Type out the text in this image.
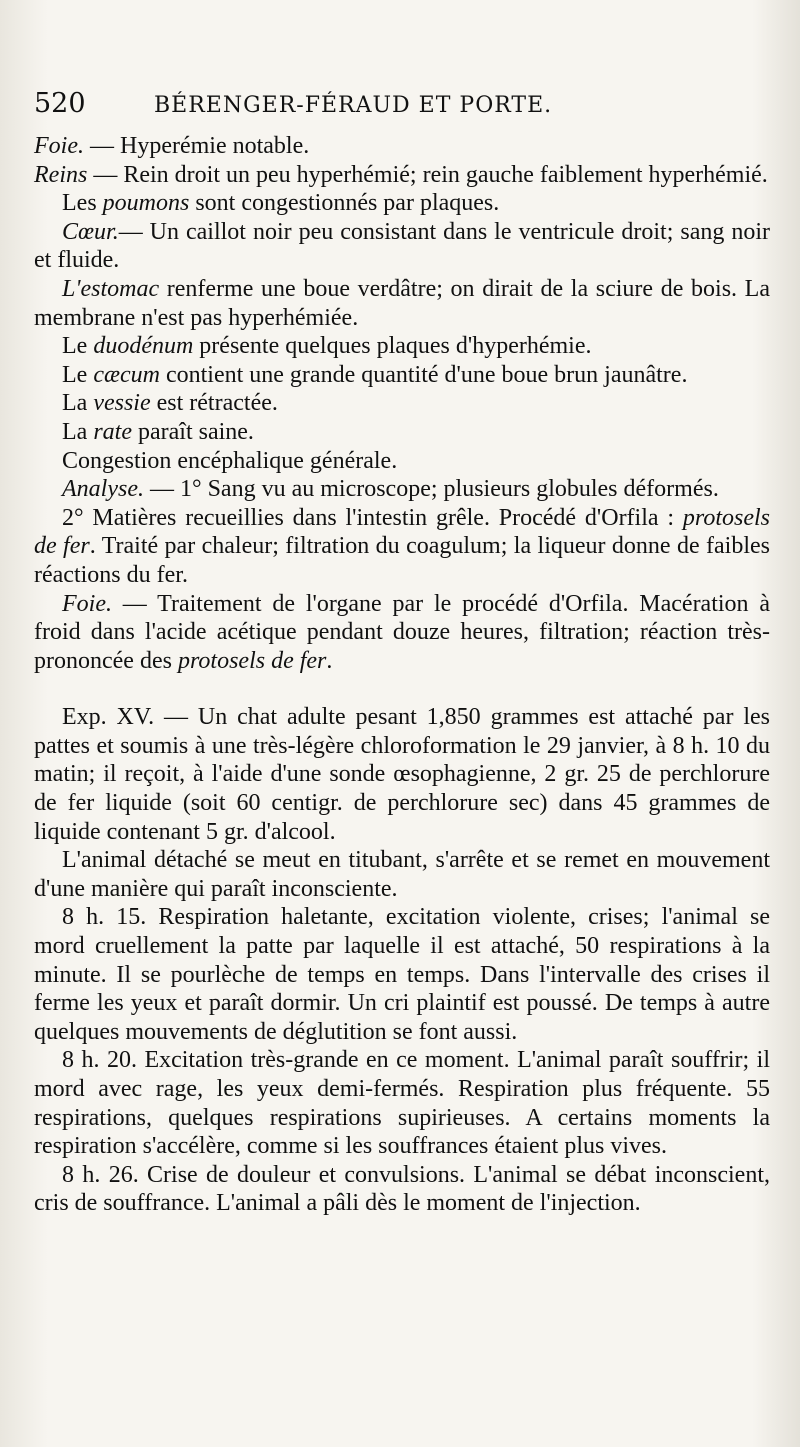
520	BÉRENGER-FÉRAUD ET PORTE.

Foie. — Hyperémie notable.

Reins — Rein droit un peu hyperhémié; rein gauche faiblement hyperhémié.

Les poumons sont congestionnés par plaques.

Cœur.— Un caillot noir peu consistant dans le ventricule droit; sang noir et fluide.

L'estomac renferme une boue verdâtre; on dirait de la sciure de bois. La membrane n'est pas hyperhémiée.

Le duodénum présente quelques plaques d'hyperhémie.

Le cæcum contient une grande quantité d'une boue brun jaunâtre.

La vessie est rétractée.

La rate paraît saine.

Congestion encéphalique générale.

Analyse. — 1° Sang vu au microscope; plusieurs globules déformés.

2° Matières recueillies dans l'intestin grêle. Procédé d'Orfila : protosels de fer. Traité par chaleur; filtration du coagulum; la liqueur donne de faibles réactions du fer.

Foie. — Traitement de l'organe par le procédé d'Orfila. Macération à froid dans l'acide acétique pendant douze heures, filtration; réaction très-prononcée des protosels de fer.

Exp. XV. — Un chat adulte pesant 1,850 grammes est attaché par les pattes et soumis à une très-légère chloroformation le 29 janvier, à 8 h. 10 du matin; il reçoit, à l'aide d'une sonde œsophagienne, 2 gr. 25 de perchlorure de fer liquide (soit 60 centigr. de perchlorure sec) dans 45 grammes de liquide contenant 5 gr. d'alcool.

L'animal détaché se meut en titubant, s'arrête et se remet en mouvement d'une manière qui paraît inconsciente.

8 h. 15. Respiration haletante, excitation violente, crises; l'animal se mord cruellement la patte par laquelle il est attaché, 50 respirations à la minute. Il se pourlèche de temps en temps. Dans l'intervalle des crises il ferme les yeux et paraît dormir. Un cri plaintif est poussé. De temps à autre quelques mouvements de déglutition se font aussi.

8 h. 20. Excitation très-grande en ce moment. L'animal paraît souffrir; il mord avec rage, les yeux demi-fermés. Respiration plus fréquente. 55 respirations, quelques respirations supirieuses. A certains moments la respiration s'accélère, comme si les souffrances étaient plus vives.

8 h. 26. Crise de douleur et convulsions. L'animal se débat inconscient, cris de souffrance. L'animal a pâli dès le moment de l'injection.
